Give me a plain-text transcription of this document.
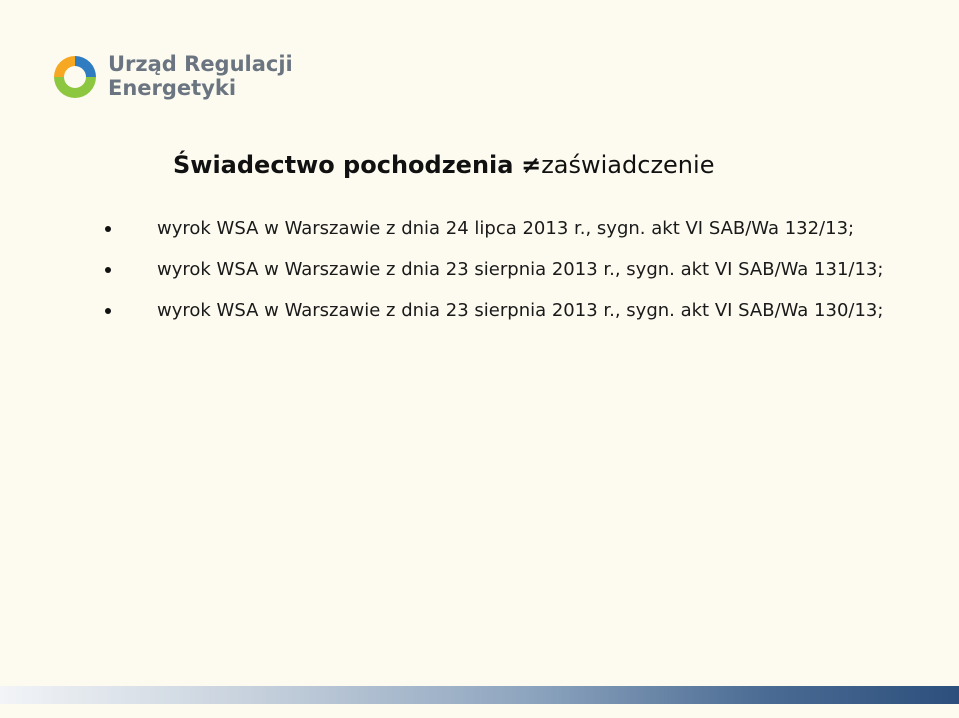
Urząd Regulacji
Energetyki
Świadectwo pochodzenia ≠zaświadczenie
wyrok WSA w Warszawie z dnia 24 lipca 2013 r., sygn. akt VI SAB/Wa 132/13;
wyrok WSA w Warszawie z dnia 23 sierpnia 2013 r., sygn. akt VI SAB/Wa 131/13;
wyrok WSA w Warszawie z dnia 23 sierpnia 2013 r., sygn. akt VI SAB/Wa 130/13;
